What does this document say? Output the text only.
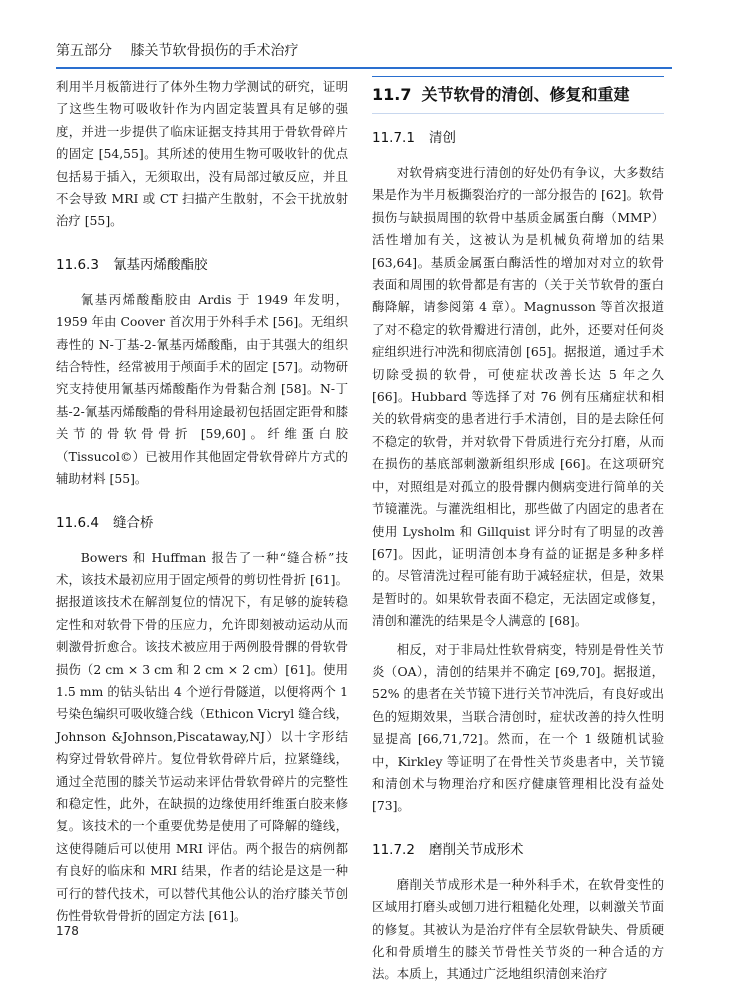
第五部分 膝关节软骨损伤的手术治疗

利用半月板箭进行了体外生物力学测试的研究，证明了这些生物可吸收针作为内固定装置具有足够的强度，并进一步提供了临床证据支持其用于骨软骨碎片的固定 [54,55]。其所述的使用生物可吸收针的优点包括易于插入，无须取出，没有局部过敏反应，并且不会导致 MRI 或 CT 扫描产生散射，不会干扰放射治疗 [55]。

11.6.3 氰基丙烯酸酯胶

氰基丙烯酸酯胶由 Ardis 于 1949 年发明，1959 年由 Coover 首次用于外科手术 [56]。无组织毒性的 N-丁基-2-氰基丙烯酸酯，由于其强大的组织结合特性，经常被用于颅面手术的固定 [57]。动物研究支持使用氰基丙烯酸酯作为骨黏合剂 [58]。N-丁基-2-氰基丙烯酸酯的骨科用途最初包括固定距骨和膝关节的骨软骨骨折 [59,60]。纤维蛋白胶（Tissucol©）已被用作其他固定骨软骨碎片方式的辅助材料 [55]。

11.6.4 缝合桥

Bowers 和 Huffman 报告了一种“缝合桥”技术，该技术最初应用于固定颅骨的剪切性骨折 [61]。据报道该技术在解剖复位的情况下，有足够的旋转稳定性和对软骨下骨的压应力，允许即刻被动运动从而刺激骨折愈合。该技术被应用于两例股骨髁的骨软骨损伤（2 cm × 3 cm 和 2 cm × 2 cm）[61]。使用 1.5 mm 的钻头钻出 4 个逆行骨隧道，以便将两个 1 号染色编织可吸收缝合线（Ethicon Vicryl 缝合线，Johnson &Johnson,Piscataway,NJ）以十字形结构穿过骨软骨碎片。复位骨软骨碎片后，拉紧缝线，通过全范围的膝关节运动来评估骨软骨碎片的完整性和稳定性，此外，在缺损的边缘使用纤维蛋白胶来修复。该技术的一个重要优势是使用了可降解的缝线，这使得随后可以使用 MRI 评估。两个报告的病例都有良好的临床和 MRI 结果，作者的结论是这是一种可行的替代技术，可以替代其他公认的治疗膝关节创伤性骨软骨骨折的固定方法 [61]。

11.7 关节软骨的清创、修复和重建
11.7.1 清创

对软骨病变进行清创的好处仍有争议，大多数结果是作为半月板撕裂治疗的一部分报告的 [62]。软骨损伤与缺损周围的软骨中基质金属蛋白酶（MMP）活性增加有关，这被认为是机械负荷增加的结果 [63,64]。基质金属蛋白酶活性的增加对对立的软骨表面和周围的软骨都是有害的（关于关节软骨的蛋白酶降解，请参阅第 4 章）。Magnusson 等首次报道了对不稳定的软骨瓣进行清创，此外，还要对任何炎症组织进行冲洗和彻底清创 [65]。据报道，通过手术切除受损的软骨，可使症状改善长达 5 年之久 [66]。Hubbard 等选择了对 76 例有压痛症状和相关的软骨病变的患者进行手术清创，目的是去除任何不稳定的软骨，并对软骨下骨质进行充分打磨，从而在损伤的基底部刺激新组织形成 [66]。在这项研究中，对照组是对孤立的股骨髁内侧病变进行简单的关节镜灌洗。与灌洗组相比，那些做了内固定的患者在使用 Lysholm 和 Gillquist 评分时有了明显的改善 [67]。因此，证明清创本身有益的证据是多种多样的。尽管清洗过程可能有助于减轻症状，但是，效果是暂时的。如果软骨表面不稳定，无法固定或修复，清创和灌洗的结果是令人满意的 [68]。

相反，对于非局灶性软骨病变，特别是骨性关节炎（OA），清创的结果并不确定 [69,70]。据报道，52% 的患者在关节镜下进行关节冲洗后，有良好或出色的短期效果，当联合清创时，症状改善的持久性明显提高 [66,71,72]。然而，在一个 1 级随机试验中，Kirkley 等证明了在骨性关节炎患者中，关节镜和清创术与物理治疗和医疗健康管理相比没有益处 [73]。

11.7.2 磨削关节成形术

磨削关节成形术是一种外科手术，在软骨变性的区域用打磨头或刨刀进行粗糙化处理，以刺激关节面的修复。其被认为是治疗伴有全层软骨缺失、骨质硬化和骨质增生的膝关节骨性关节炎的一种合适的方法。本质上，其通过广泛地组织清创来治疗

178
